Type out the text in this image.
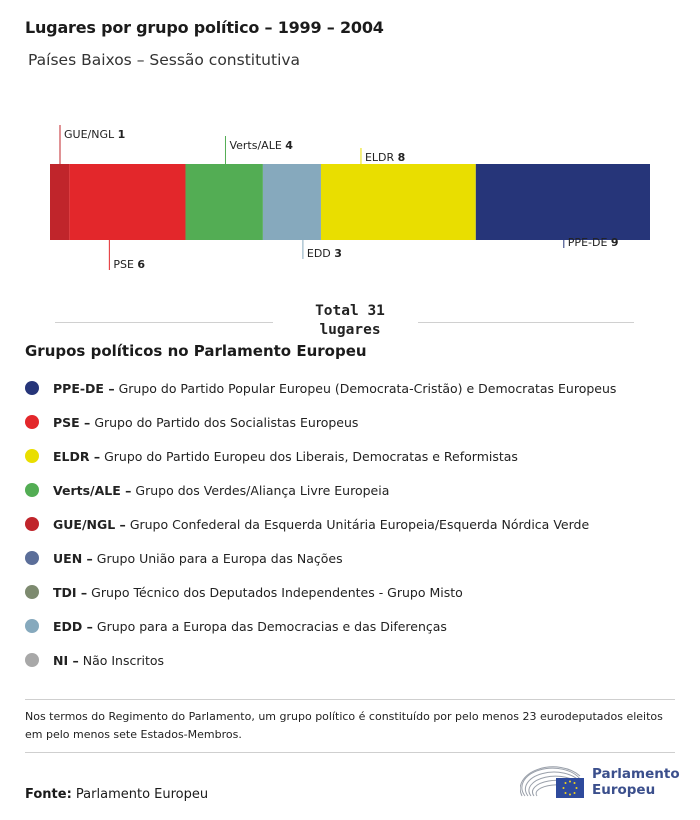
Lugares por grupo político – 1999 – 2004
Países Baixos – Sessão constitutiva
GUE/NGL 1
PSE 6
Verts/ALE 4
EDD 3
ELDR 8
PPE-DE 9
Total 31
lugares
Grupos políticos no Parlamento Europeu
PPE-DE – Grupo do Partido Popular Europeu (Democrata-Cristão) e Democratas Europeus
PSE – Grupo do Partido dos Socialistas Europeus
ELDR – Grupo do Partido Europeu dos Liberais, Democratas e Reformistas
Verts/ALE – Grupo dos Verdes/Aliança Livre Europeia
GUE/NGL – Grupo Confederal da Esquerda Unitária Europeia/Esquerda Nórdica Verde
UEN – Grupo União para a Europa das Nações
TDI – Grupo Técnico dos Deputados Independentes - Grupo Misto
EDD – Grupo para a Europa das Democracias e das Diferenças
NI – Não Inscritos
Nos termos do Regimento do Parlamento, um grupo político é constituído por pelo menos 23 eurodeputados eleitos em pelo menos sete Estados-Membros.
Fonte: Parlamento Europeu
Parlamento
Europeu
